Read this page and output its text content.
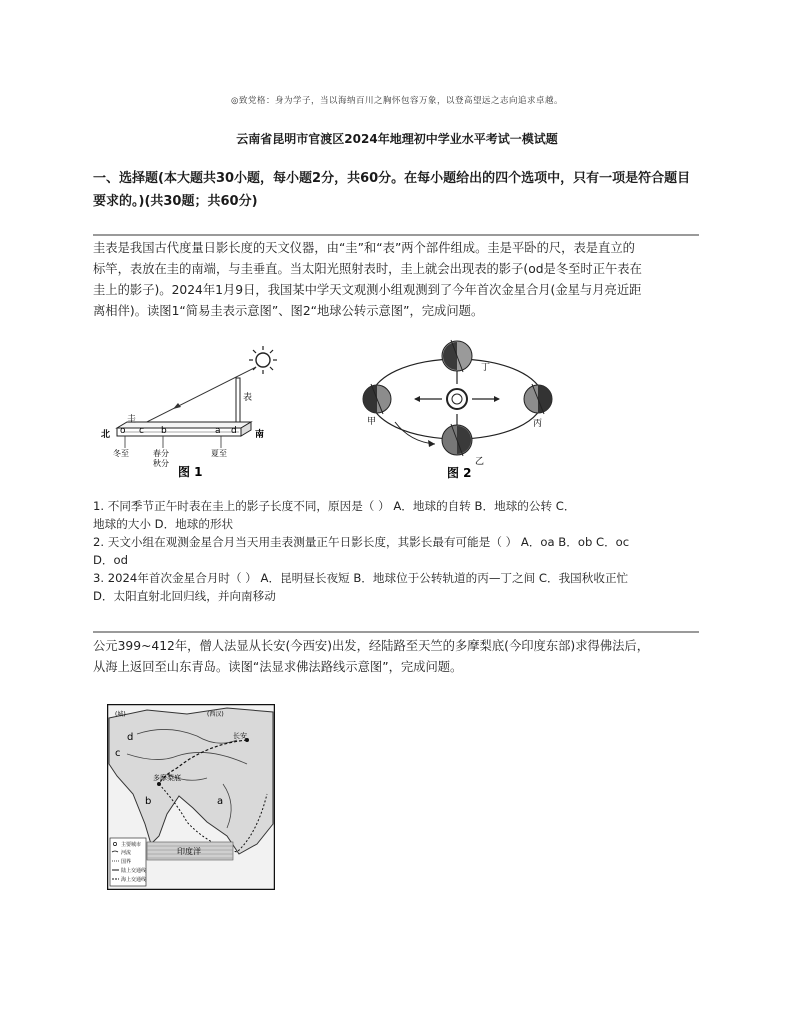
◎致党格：身为学子，当以海纳百川之胸怀包容万象，以登高望远之志向追求卓越。
云南省昆明市官渡区2024年地理初中学业水平考试一模试题
一、选择题(本大题共30小题，每小题2分，共60分。在每小题给出的四个选项中，只有一项是符合题目要求的。)(共30题；共60分)
圭表是我国古代度量日影长度的天文仪器，由“圭”和“表”两个部件组成。圭是平卧的尺，表是直立的
标竿，表放在圭的南端，与圭垂直。当太阳光照射表时，圭上就会出现表的影子(od是冬至时正午表在
圭上的影子)。2024年1月9日，我国某中学天文观测小组观测到了今年首次金星合月(金星与月亮近距
离相伴)。读图1“简易圭表示意图”、图2“地球公转示意图”，完成问题。
圭
表
北	南
o c b	a d
冬至	春分
秋分
夏至
图 1
甲
乙
丙
丁
图 2
1. 不同季节正午时表在圭上的影子长度不同，原因是（ ） A．地球的自转 B．地球的公转 C．
地球的大小 D．地球的形状
2. 天文小组在观测金星合月当天用圭表测量正午日影长度，其影长最有可能是（ ） A．oa B．ob C．oc
D．od
3. 2024年首次金星合月时（ ） A．昆明昼长夜短 B．地球位于公转轨道的丙—丁之间 C．我国秋收正忙
D．太阳直射北回归线，并向南移动
公元399~412年，僧人法显从长安(今西安)出发，经陆路至天竺的多摩梨底(今印度东部)求得佛法后，
从海上返回至山东青岛。读图“法显求佛法路线示意图”，完成问题。
(城)	(西汉)
长安
多摩梨底
印度洋
a
b
c
d
主要城市
河流
国界
陆上交通线
海上交通线
